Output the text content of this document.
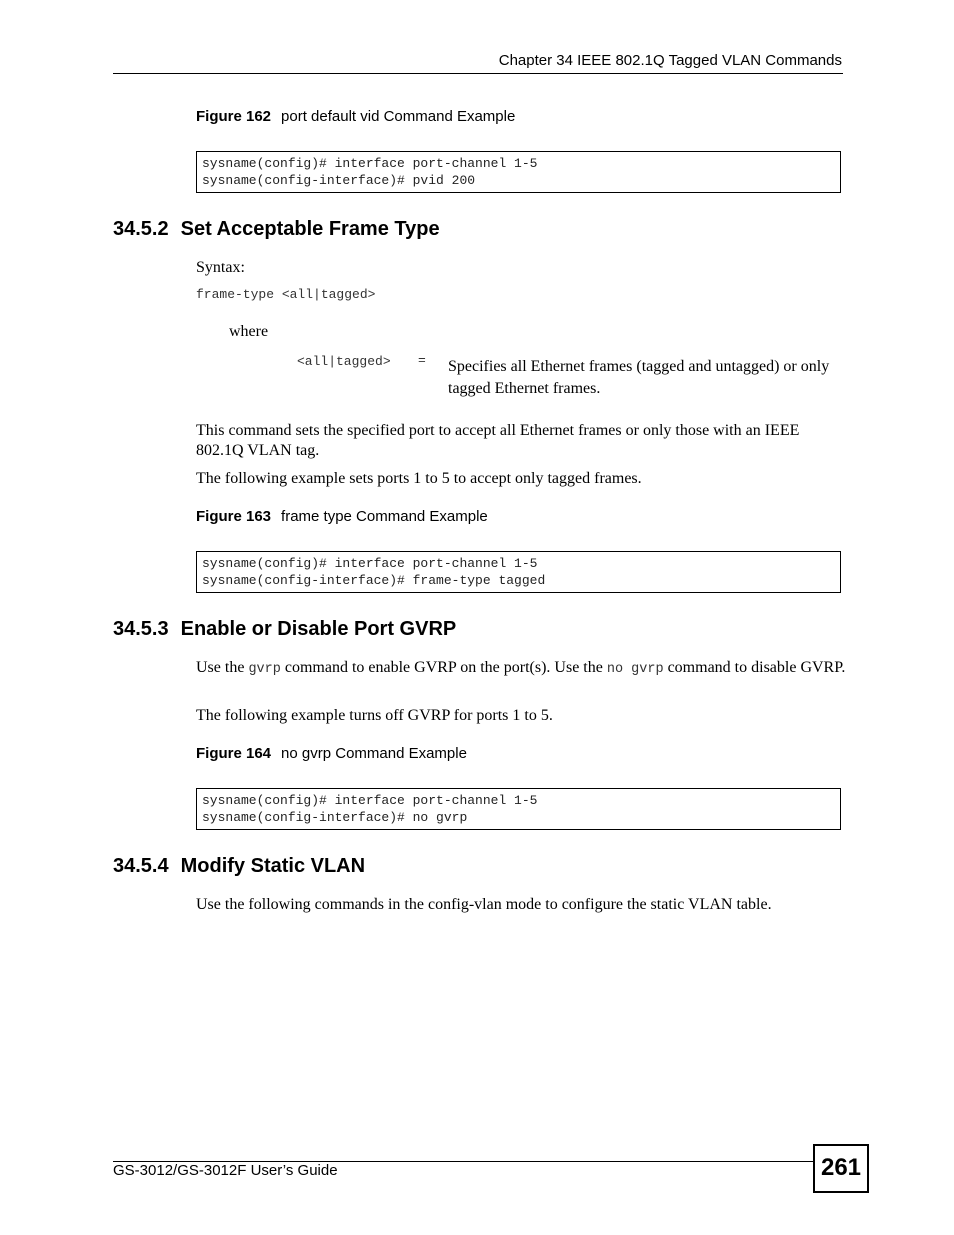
Chapter 34 IEEE 802.1Q Tagged VLAN Commands
Figure 162 port default vid Command Example
sysname(config)# interface port-channel 1-5
sysname(config-interface)# pvid 200
34.5.2 Set Acceptable Frame Type
Syntax:
frame-type <all|tagged>
where
<all|tagged> = Specifies all Ethernet frames (tagged and untagged) or only tagged Ethernet frames.
This command sets the specified port to accept all Ethernet frames or only those with an IEEE 802.1Q VLAN tag.
The following example sets ports 1 to 5 to accept only tagged frames.
Figure 163 frame type Command Example
sysname(config)# interface port-channel 1-5
sysname(config-interface)# frame-type tagged
34.5.3 Enable or Disable Port GVRP
Use the gvrp command to enable GVRP on the port(s). Use the no gvrp command to disable GVRP.
The following example turns off GVRP for ports 1 to 5.
Figure 164 no gvrp Command Example
sysname(config)# interface port-channel 1-5
sysname(config-interface)# no gvrp
34.5.4 Modify Static VLAN
Use the following commands in the config-vlan mode to configure the static VLAN table.
GS-3012/GS-3012F User’s Guide	261
